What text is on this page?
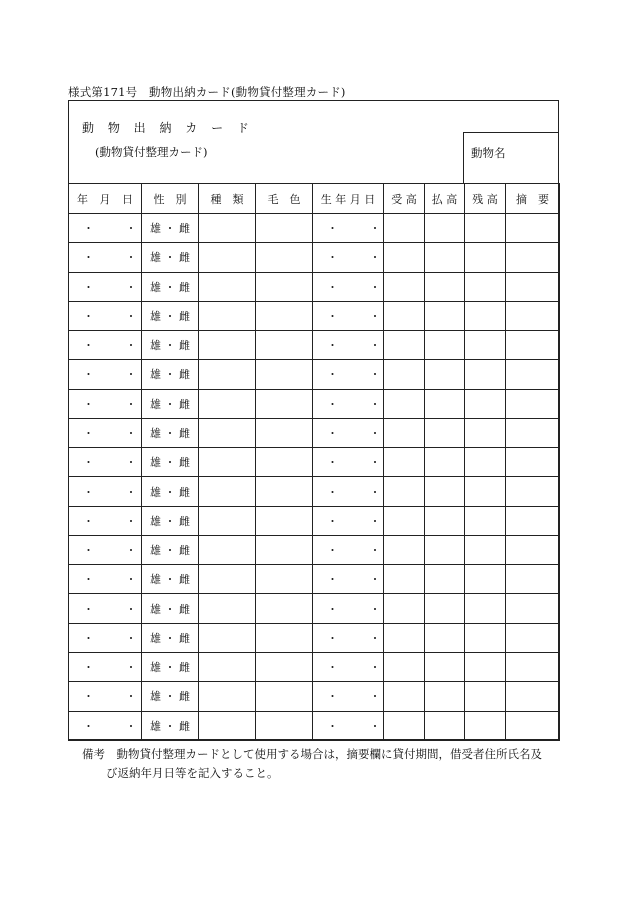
様式第171号　動物出納カード(動物貸付整理カード)
動 物 出 納 カ ー ド
(動物貸付整理カード)	動物名
年 月 日	性　別	種　類	毛　色	生 年 月 日	受 高	払 高	残 高	摘　要
・ ・	雄 ・ 雌			・ ・				
・ ・	雄 ・ 雌			・ ・				
・ ・	雄 ・ 雌			・ ・				
・ ・	雄 ・ 雌			・ ・				
・ ・	雄 ・ 雌			・ ・				
・ ・	雄 ・ 雌			・ ・				
・ ・	雄 ・ 雌			・ ・				
・ ・	雄 ・ 雌			・ ・				
・ ・	雄 ・ 雌			・ ・				
・ ・	雄 ・ 雌			・ ・				
・ ・	雄 ・ 雌			・ ・				
・ ・	雄 ・ 雌			・ ・				
・ ・	雄 ・ 雌			・ ・				
・ ・	雄 ・ 雌			・ ・				
・ ・	雄 ・ 雌			・ ・				
・ ・	雄 ・ 雌			・ ・				
・ ・	雄 ・ 雌			・ ・				
・ ・	雄 ・ 雌			・ ・				
備考　動物貸付整理カードとして使用する場合は，摘要欄に貸付期間，借受者住所氏名及
び返納年月日等を記入すること。
